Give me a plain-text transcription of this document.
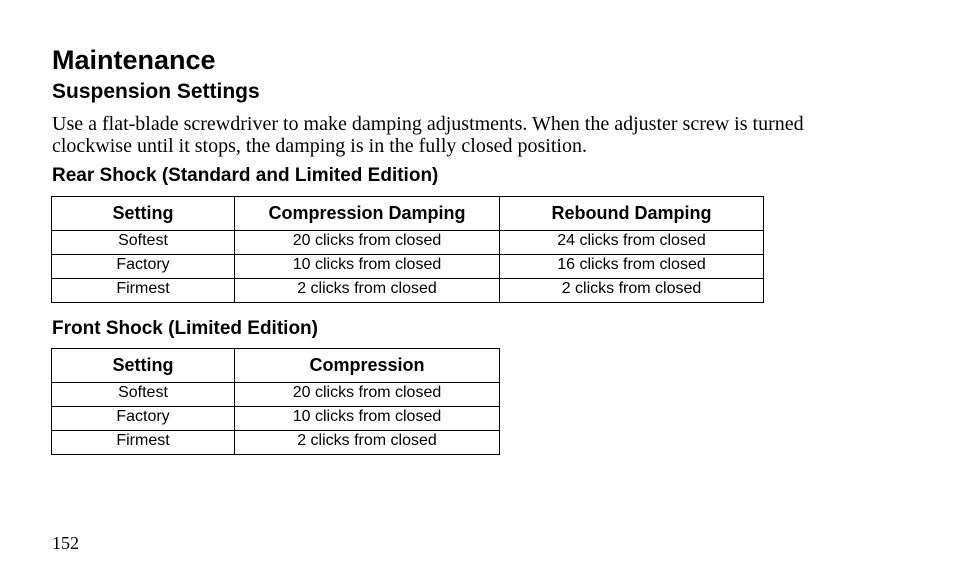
Maintenance
Suspension Settings

Use a flat-blade screwdriver to make damping adjustments. When the adjuster screw is turned clockwise until it stops, the damping is in the fully closed position.

Rear Shock (Standard and Limited Edition)
Setting	Compression Damping	Rebound Damping
Softest	20 clicks from closed	24 clicks from closed
Factory	10 clicks from closed	16 clicks from closed
Firmest	2 clicks from closed	2 clicks from closed
Front Shock (Limited Edition)
Setting	Compression
Softest	20 clicks from closed
Factory	10 clicks from closed
Firmest	2 clicks from closed

152
